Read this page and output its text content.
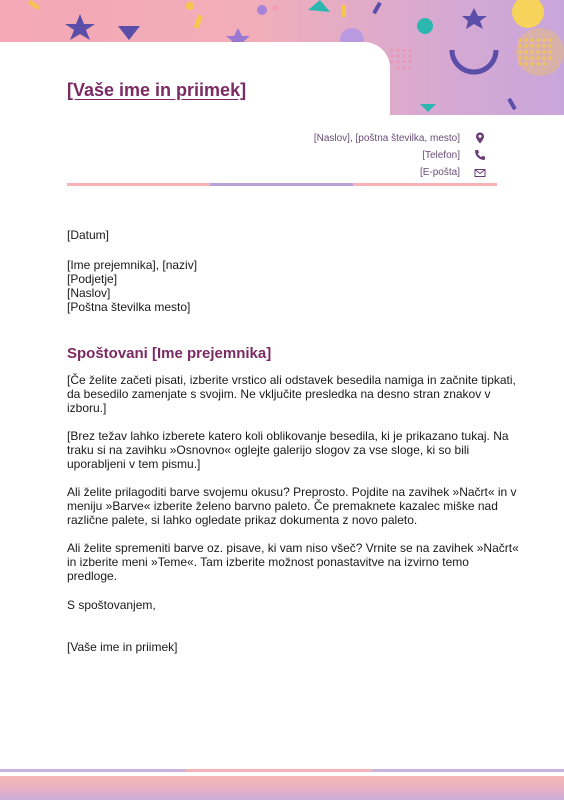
[Vaše ime in priimek]
[Naslov], [poštna številka, mesto]
[Telefon]
[E-pošta]
[Datum]
[Ime prejemnika], [naziv]
[Podjetje]
[Naslov]
[Poštna številka mesto]
Spoštovani [Ime prejemnika]
[Če želite začeti pisati, izberite vrstico ali odstavek besedila namiga in začnite tipkati,
da besedilo zamenjate s svojim. Ne vključite presledka na desno stran znakov v
izboru.]
[Brez težav lahko izberete katero koli oblikovanje besedila, ki je prikazano tukaj. Na
traku si na zavihku »Osnovno« oglejte galerijo slogov za vse sloge, ki so bili
uporabljeni v tem pismu.]
Ali želite prilagoditi barve svojemu okusu? Preprosto. Pojdite na zavihek »Načrt« in v
meniju »Barve« izberite želeno barvno paleto. Če premaknete kazalec miške nad
različne palete, si lahko ogledate prikaz dokumenta z novo paleto.
Ali želite spremeniti barve oz. pisave, ki vam niso všeč? Vrnite se na zavihek »Načrt«
in izberite meni »Teme«. Tam izberite možnost ponastavitve na izvirno temo
predloge.
S spoštovanjem,
[Vaše ime in priimek]
